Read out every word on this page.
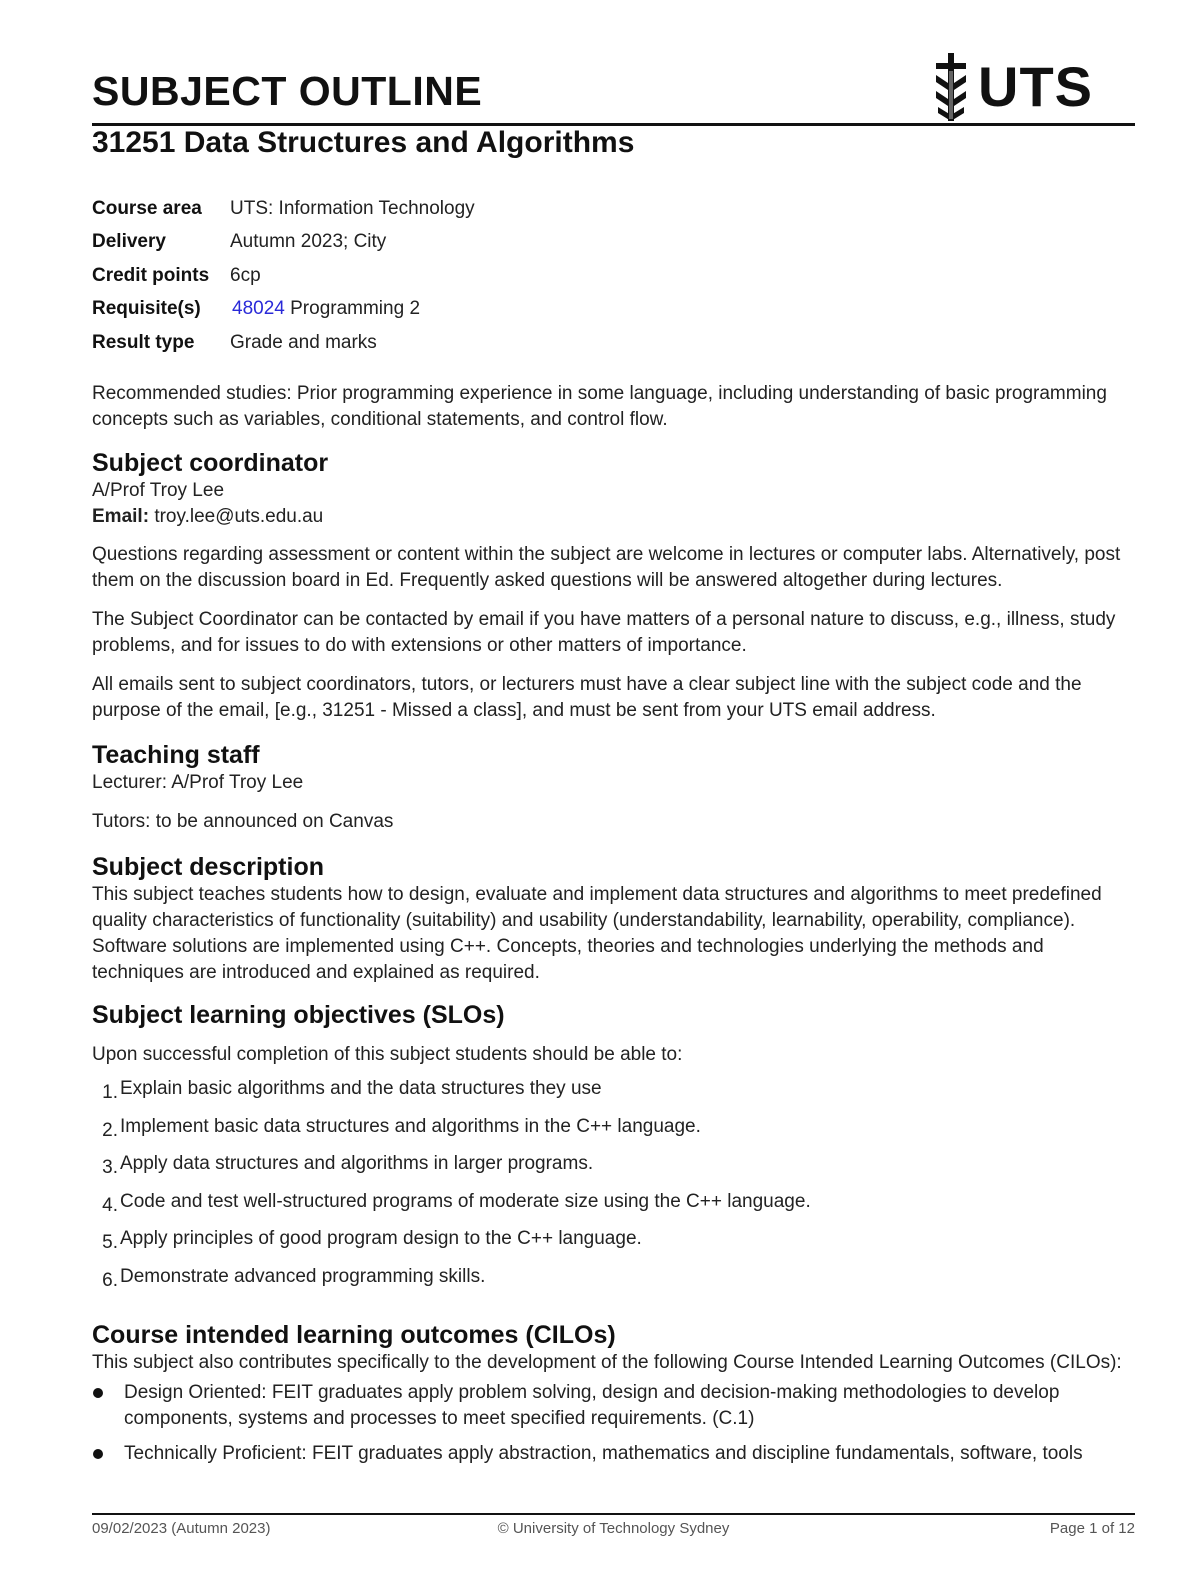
SUBJECT OUTLINE	UTS
31251 Data Structures and Algorithms
Course area	UTS: Information Technology
Delivery	Autumn 2023; City
Credit points	6cp
Requisite(s)	48024 Programming 2
Result type	Grade and marks

Recommended studies: Prior programming experience in some language, including understanding of basic programming concepts such as variables, conditional statements, and control flow.

Subject coordinator

A/Prof Troy Lee

Email: troy.lee@uts.edu.au

Questions regarding assessment or content within the subject are welcome in lectures or computer labs. Alternatively, post them on the discussion board in Ed. Frequently asked questions will be answered altogether during lectures.

The Subject Coordinator can be contacted by email if you have matters of a personal nature to discuss, e.g., illness, study problems, and for issues to do with extensions or other matters of importance.

All emails sent to subject coordinators, tutors, or lecturers must have a clear subject line with the subject code and the purpose of the email, [e.g., 31251 - Missed a class], and must be sent from your UTS email address.

Teaching staff

Lecturer: A/Prof Troy Lee

Tutors: to be announced on Canvas

Subject description

This subject teaches students how to design, evaluate and implement data structures and algorithms to meet predefined quality characteristics of functionality (suitability) and usability (understandability, learnability, operability, compliance). Software solutions are implemented using C++. Concepts, theories and technologies underlying the methods and techniques are introduced and explained as required.

Subject learning objectives (SLOs)

Upon successful completion of this subject students should be able to:

1. Explain basic algorithms and the data structures they use
2. Implement basic data structures and algorithms in the C++ language.
3. Apply data structures and algorithms in larger programs.
4. Code and test well-structured programs of moderate size using the C++ language.
5. Apply principles of good program design to the C++ language.
6. Demonstrate advanced programming skills.
Course intended learning outcomes (CILOs)

This subject also contributes specifically to the development of the following Course Intended Learning Outcomes (CILOs):

Design Oriented: FEIT graduates apply problem solving, design and decision-making methodologies to develop components, systems and processes to meet specified requirements. (C.1)
Technically Proficient: FEIT graduates apply abstraction, mathematics and discipline fundamentals, software, tools
09/02/2023 (Autumn 2023)	© University of Technology Sydney	Page 1 of 12
